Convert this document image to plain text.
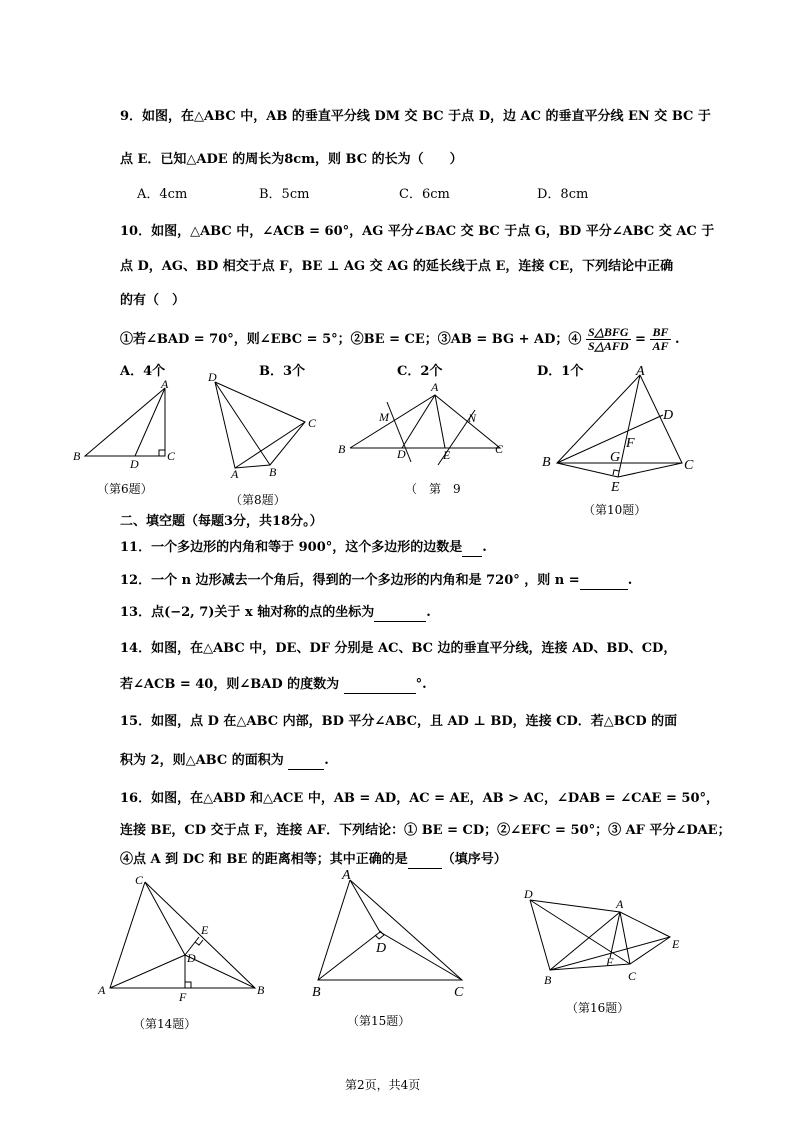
9．如图，在△ABC 中，AB 的垂直平分线 DM 交 BC 于点 D，边 AC 的垂直平分线 EN 交 BC 于
点 E．已知△ADE 的周长为8cm，则 BC 的长为（　　）
A．4cm	B．5cm	C．6cm	D．8cm
10．如图，△ABC 中，∠ACB = 60°，AG 平分∠BAC 交 BC 于点 G，BD 平分∠ABC 交 AC 于
点 D，AG、BD 相交于点 F，BE ⊥ AG 交 AG 的延长线于点 E，连接 CE，下列结论中正确
的有（　）
①若∠BAD = 70°，则∠EBC = 5°；②BE = CE；③AB = BG + AD；④ $\frac{\text{S△BFG}}{\text{S△AFD}} = \frac{BF}{AF}$ .
A．4个	B．3个	C．2个	D．1个
A
B	C
D
（第6题）
D
C
A	B
（第8题）
A
B	C
D	E
M	N
（　第　9
A
B	C
D
E
F
G
（第10题）
二、填空题（每题3分，共18分。）
11．一个多边形的内角和等于 900°，这个多边形的边数是 .
12．一个 n 边形减去一个角后，得到的一个多边形的内角和是 720° ，则 n =	.
13．点(−2, 7)关于 x 轴对称的点的坐标为	.
14．如图，在△ABC 中，DE、DF 分别是 AC、BC 边的垂直平分线，连接 AD、BD、CD，
若∠ACB = 40，则∠BAD 的度数为	°.
15．如图，点 D 在△ABC 内部，BD 平分∠ABC，且 AD ⊥ BD，连接 CD．若△BCD 的面
积为 2，则△ABC 的面积为	.
16．如图，在△ABD 和△ACE 中，AB = AD，AC = AE，AB > AC，∠DAB = ∠CAE = 50°，
连接 BE，CD 交于点 F，连接 AF．下列结论：① BE = CD；②∠EFC = 50°；③ AF 平分∠DAE；
④点 A 到 DC 和 BE 的距离相等；其中正确的是	（填序号）
C
A	B
D
E
F
（第14题）
A
B	C
D
（第15题）
D
A
E
F
B	C
（第16题）
第2页，共4页
